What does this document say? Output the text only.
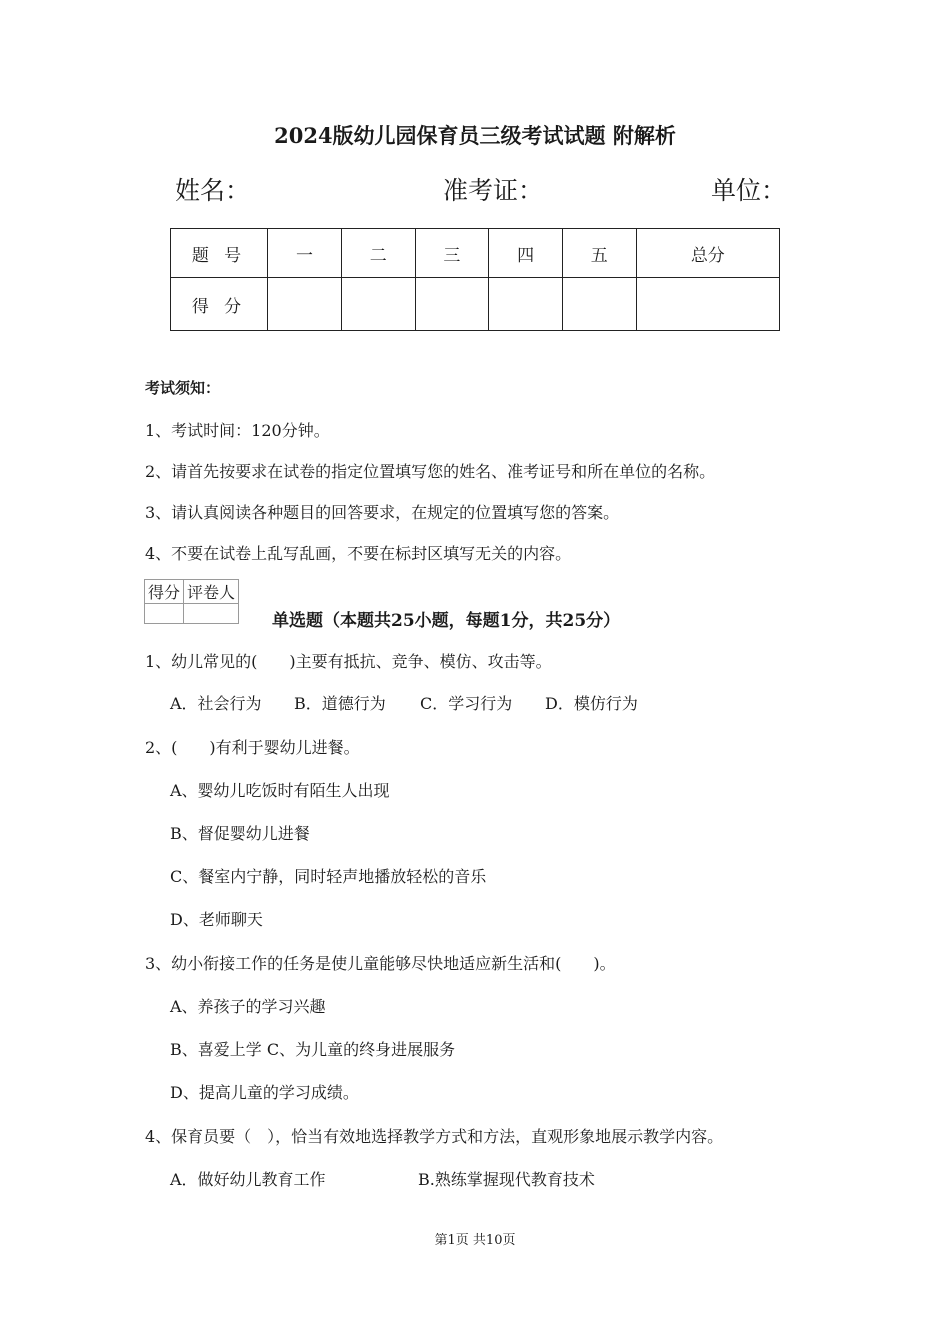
2024版幼儿园保育员三级考试试题 附解析
姓名：	准考证：	单位：
题号	一	二	三	四	五	总分
得分						
考试须知：
1、考试时间：120分钟。
2、请首先按要求在试卷的指定位置填写您的姓名、准考证号和所在单位的名称。
3、请认真阅读各种题目的回答要求，在规定的位置填写您的答案。
4、不要在试卷上乱写乱画，不要在标封区填写无关的内容。
得分	评卷人

单选题（本题共25小题，每题1分，共25分）
1、幼儿常见的(　　)主要有抵抗、竞争、模仿、攻击等。
A．社会行为 B．道德行为 C．学习行为 D．模仿行为
2、(　　)有利于婴幼儿进餐。
A、婴幼儿吃饭时有陌生人出现
B、督促婴幼儿进餐
C、餐室内宁静，同时轻声地播放轻松的音乐
D、老师聊天
3、幼小衔接工作的任务是使儿童能够尽快地适应新生活和(　　)。
A、养孩子的学习兴趣
B、喜爱上学 C、为儿童的终身进展服务
D、提高儿童的学习成绩。
4、保育员要（　），恰当有效地选择教学方式和方法，直观形象地展示教学内容。
A．做好幼儿教育工作	B.熟练掌握现代教育技术
第1页 共10页
